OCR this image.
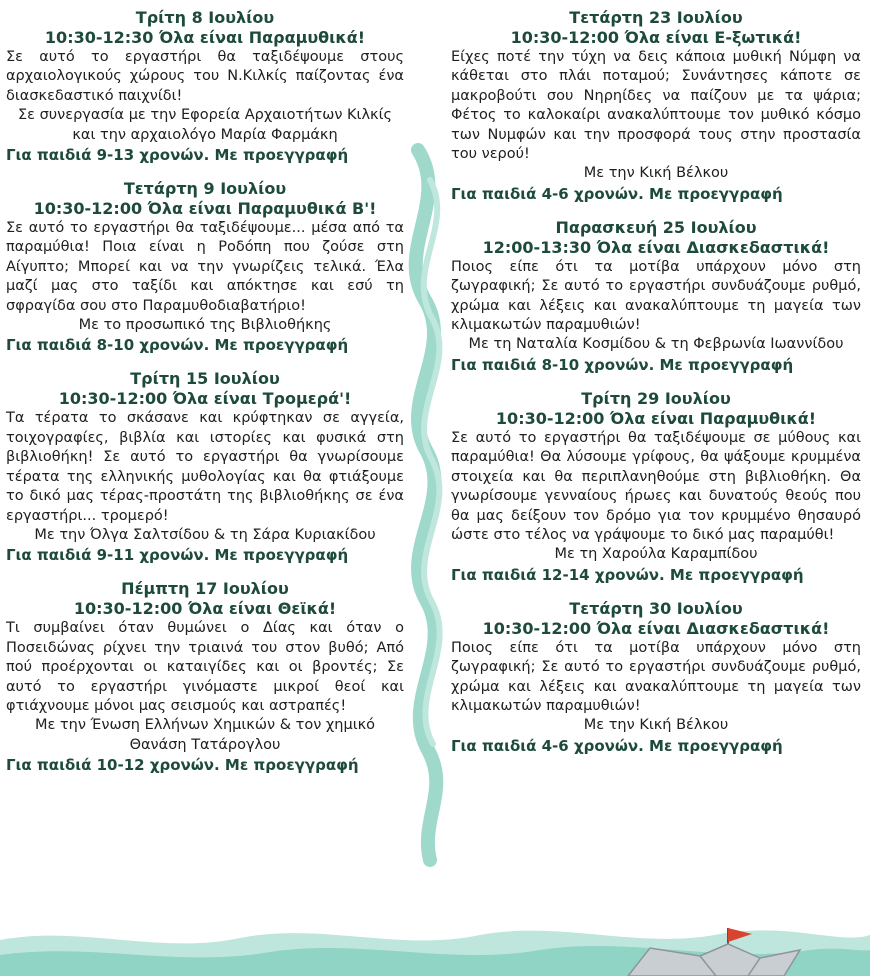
Τρίτη 8 Ιουλίου

10:30-12:30 Όλα είναι Παραμυθικά!

Σε αυτό το εργαστήρι θα ταξιδέψουμε στους αρχαιολογικούς χώρους του Ν.Κιλκίς παίζοντας ένα διασκεδαστικό παιχνίδι!

Σε συνεργασία με την Εφορεία Αρχαιοτήτων Κιλκίς και την αρχαιολόγο Μαρία Φαρμάκη

Για παιδιά 9-13 χρονών. Με προεγγραφή

Τετάρτη 9 Ιουλίου

10:30-12:00 Όλα είναι Παραμυθικά Β'!

Σε αυτό το εργαστήρι θα ταξιδέψουμε... μέσα από τα παραμύθια! Ποια είναι η Ροδόπη που ζούσε στη Αίγυπτο; Μπορεί και να την γνωρίζεις τελικά. Έλα μαζί μας στο ταξίδι και απόκτησε και εσύ τη σφραγίδα σου στο Παραμυθοδιαβατήριο!

Με το προσωπικό της Βιβλιοθήκης

Για παιδιά 8-10 χρονών. Με προεγγραφή

Τρίτη 15 Ιουλίου

10:30-12:00 Όλα είναι Τρομερά'!

Τα τέρατα το σκάσανε και κρύφτηκαν σε αγγεία, τοιχογραφίες, βιβλία και ιστορίες και φυσικά στη βιβλιοθήκη! Σε αυτό το εργαστήρι θα γνωρίσουμε τέρατα της ελληνικής μυθολογίας και θα φτιάξουμε το δικό μας τέρας-προστάτη της βιβλιοθήκης σε ένα εργαστήρι... τρομερό!

Με την Όλγα Σαλτσίδου & τη Σάρα Κυριακίδου

Για παιδιά 9-11 χρονών. Με προεγγραφή

Πέμπτη 17 Ιουλίου

10:30-12:00 Όλα είναι Θεϊκά!

Τι συμβαίνει όταν θυμώνει ο Δίας και όταν ο Ποσειδώνας ρίχνει την τριαινά του στον βυθό; Από πού προέρχονται οι καταιγίδες και οι βροντές; Σε αυτό το εργαστήρι γινόμαστε μικροί θεοί και φτιάχνουμε μόνοι μας σεισμούς και αστραπές!

Με την Ένωση Ελλήνων Χημικών & τον χημικό Θανάση Τατάρογλου

Για παιδιά 10-12 χρονών. Με προεγγραφή

Τετάρτη 23 Ιουλίου

10:30-12:00 Όλα είναι Ε-ξωτικά!

Είχες ποτέ την τύχη να δεις κάποια μυθική Νύμφη να κάθεται στο πλάι ποταμού; Συνάντησες κάποτε σε μακροβούτι σου Νηρηίδες να παίζουν με τα ψάρια; Φέτος το καλοκαίρι ανακαλύπτουμε τον μυθικό κόσμο των Νυμφών και την προσφορά τους στην προστασία του νερού!

Με την Κική Βέλκου

Για παιδιά 4-6 χρονών. Με προεγγραφή

Παρασκευή 25 Ιουλίου

12:00-13:30 Όλα είναι Διασκεδαστικά!

Ποιος είπε ότι τα μοτίβα υπάρχουν μόνο στη ζωγραφική; Σε αυτό το εργαστήρι συνδυάζουμε ρυθμό, χρώμα και λέξεις και ανακαλύπτουμε τη μαγεία των κλιμακωτών παραμυθιών!

Με τη Ναταλία Κοσμίδου & τη Φεβρωνία Ιωαννίδου

Για παιδιά 8-10 χρονών. Με προεγγραφή

Τρίτη 29 Ιουλίου

10:30-12:00 Όλα είναι Παραμυθικά!

Σε αυτό το εργαστήρι θα ταξιδέψουμε σε μύθους και παραμύθια! Θα λύσουμε γρίφους, θα ψάξουμε κρυμμένα στοιχεία και θα περιπλανηθούμε στη βιβλιοθήκη. Θα γνωρίσουμε γενναίους ήρωες και δυνατούς θεούς που θα μας δείξουν τον δρόμο για τον κρυμμένο θησαυρό ώστε στο τέλος να γράψουμε το δικό μας παραμύθι!

Με τη Χαρούλα Καραμπίδου

Για παιδιά 12-14 χρονών. Με προεγγραφή

Τετάρτη 30 Ιουλίου

10:30-12:00 Όλα είναι Διασκεδαστικά!

Ποιος είπε ότι τα μοτίβα υπάρχουν μόνο στη ζωγραφική; Σε αυτό το εργαστήρι συνδυάζουμε ρυθμό, χρώμα και λέξεις και ανακαλύπτουμε τη μαγεία των κλιμακωτών παραμυθιών!

Με την Κική Βέλκου

Για παιδιά 4-6 χρονών. Με προεγγραφή
